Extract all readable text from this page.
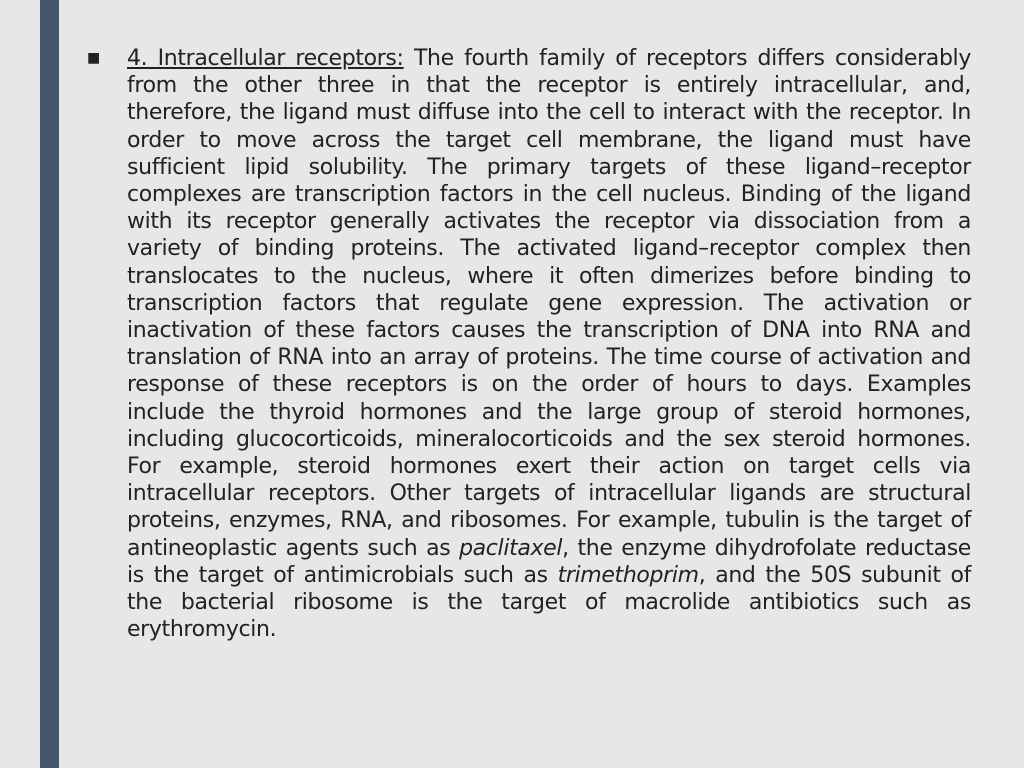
■	4. Intracellular receptors: The fourth family of receptors differs considerably from the other three in that the receptor is entirely intracellular, and, therefore, the ligand must diffuse into the cell to interact with the receptor. In order to move across the target cell membrane, the ligand must have sufficient lipid solubility. The primary targets of these ligand–receptor complexes are transcription factors in the cell nucleus. Binding of the ligand with its receptor generally activates the receptor via dissociation from a variety of binding proteins. The activated ligand–receptor complex then translocates to the nucleus, where it often dimerizes before binding to transcription factors that regulate gene expression. The activation or inactivation of these factors causes the transcription of DNA into RNA and translation of RNA into an array of proteins. The time course of activation and response of these receptors is on the order of hours to days. Examples include the thyroid hormones and the large group of steroid hormones, including glucocorticoids, mineralocorticoids and the sex steroid hormones. For example, steroid hormones exert their action on target cells via intracellular receptors. Other targets of intracellular ligands are structural proteins, enzymes, RNA, and ribosomes. For example, tubulin is the target of antineoplastic agents such as paclitaxel, the enzyme dihydrofolate reductase is the target of antimicrobials such as trimethoprim, and the 50S subunit of the bacterial ribosome is the target of macrolide antibiotics such as erythromycin.
